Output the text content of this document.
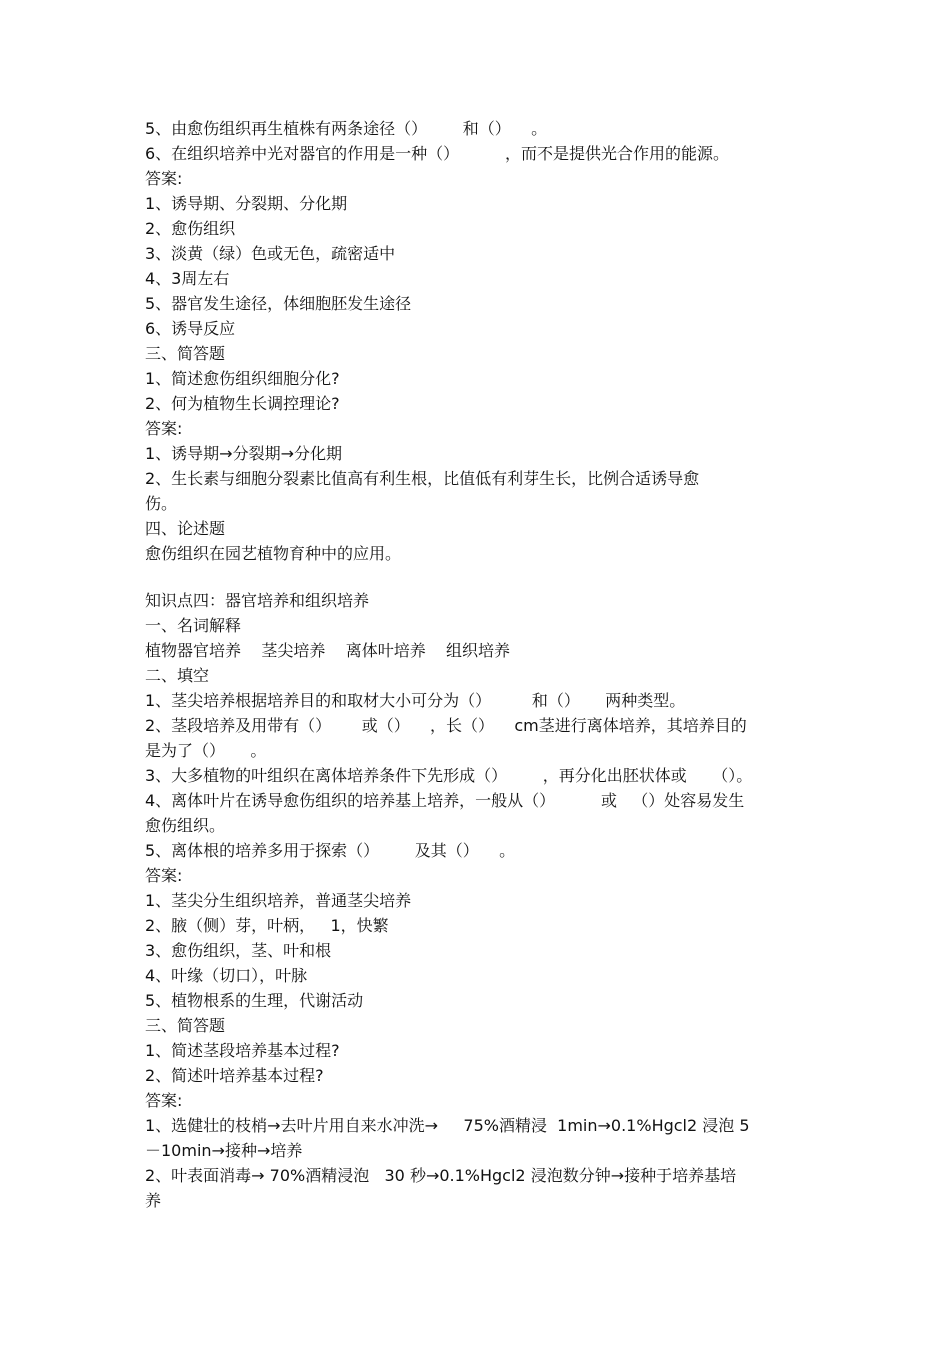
5、由愈伤组织再生植株有两条途径（）       和（）    。
6、在组织培养中光对器官的作用是一种（）         ，而不是提供光合作用的能源。
答案:
1、诱导期、分裂期、分化期
2、愈伤组织
3、淡黄（绿）色或无色，疏密适中
4、3周左右
5、器官发生途径，体细胞胚发生途径
6、诱导反应
三、简答题
1、简述愈伤组织细胞分化?
2、何为植物生长调控理论?
答案:
1、诱导期→分裂期→分化期
2、生长素与细胞分裂素比值高有利生根，比值低有利芽生长，比例合适诱导愈
伤。
四、论述题
愈伤组织在园艺植物育种中的应用。
知识点四：器官培养和组织培养
一、名词解释
植物器官培养    茎尖培养    离体叶培养    组织培养
二、填空
1、茎尖培养根据培养目的和取材大小可分为（）        和（）     两种类型。
2、茎段培养及用带有（）      或（）    ，长（）    cm茎进行离体培养，其培养目的
是为了（）     。
3、大多植物的叶组织在离体培养条件下先形成（）       ，再分化出胚状体或     （）。
4、离体叶片在诱导愈伤组织的培养基上培养，一般从（）         或   （）处容易发生
愈伤组织。
5、离体根的培养多用于探索（）       及其（）    。
答案:
1、茎尖分生组织培养，普通茎尖培养
2、腋（侧）芽，叶柄，   1，快繁
3、愈伤组织，茎、叶和根
4、叶缘（切口），叶脉
5、植物根系的生理，代谢活动
三、简答题
1、简述茎段培养基本过程?
2、简述叶培养基本过程?
答案:
1、选健壮的枝梢→去叶片用自来水冲洗→     75%酒精浸  1min→0.1%Hgcl2 浸泡 5
－10min→接种→培养
2、叶表面消毒→ 70%酒精浸泡   30 秒→0.1%Hgcl2 浸泡数分钟→接种于培养基培
养
